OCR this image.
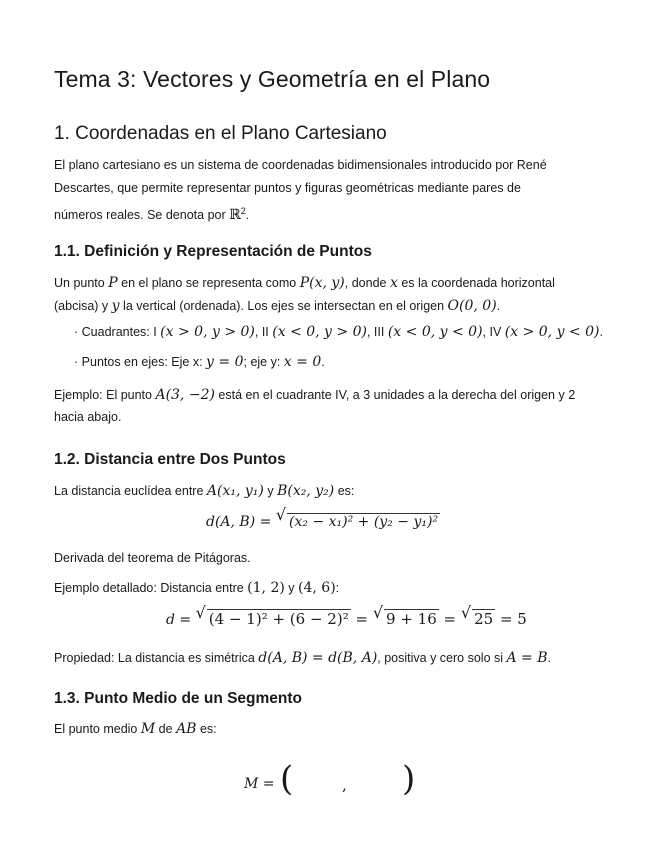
Tema 3: Vectores y Geometría en el Plano
1. Coordenadas en el Plano Cartesiano
El plano cartesiano es un sistema de coordenadas bidimensionales introducido por René
Descartes, que permite representar puntos y figuras geométricas mediante pares de
números reales. Se denota por ℝ$^2$.
1.1. Definición y Representación de Puntos
Un punto P en el plano se representa como P(x, y), donde x es la coordenada horizontal
(abcisa) y y la vertical (ordenada). Los ejes se intersectan en el origen O(0, 0).
· Cuadrantes: I (x > 0, y > 0), II (x < 0, y > 0), III (x < 0, y < 0), IV (x > 0, y < 0).
· Puntos en ejes: Eje x: y = 0; eje y: x = 0.
Ejemplo: El punto A(3, −2) está en el cuadrante IV, a 3 unidades a la derecha del origen y 2
hacia abajo.
1.2. Distancia entre Dos Puntos
La distancia euclídea entre A(x₁, y₁) y B(x₂, y₂) es:
d(A, B) = √ (x₂ − x₁)² + (y₂ − y₁)²
Derivada del teorema de Pitágoras.
Ejemplo detallado: Distancia entre (1, 2) y (4, 6):
d = √ (4 − 1)² + (6 − 2)² = √ 9 + 16 = √ 25 = 5
Propiedad: La distancia es simétrica d(A, B) = d(B, A), positiva y cero solo si A = B.
1.3. Punto Medio de un Segmento
El punto medio M de AB es:
M = (	, )
